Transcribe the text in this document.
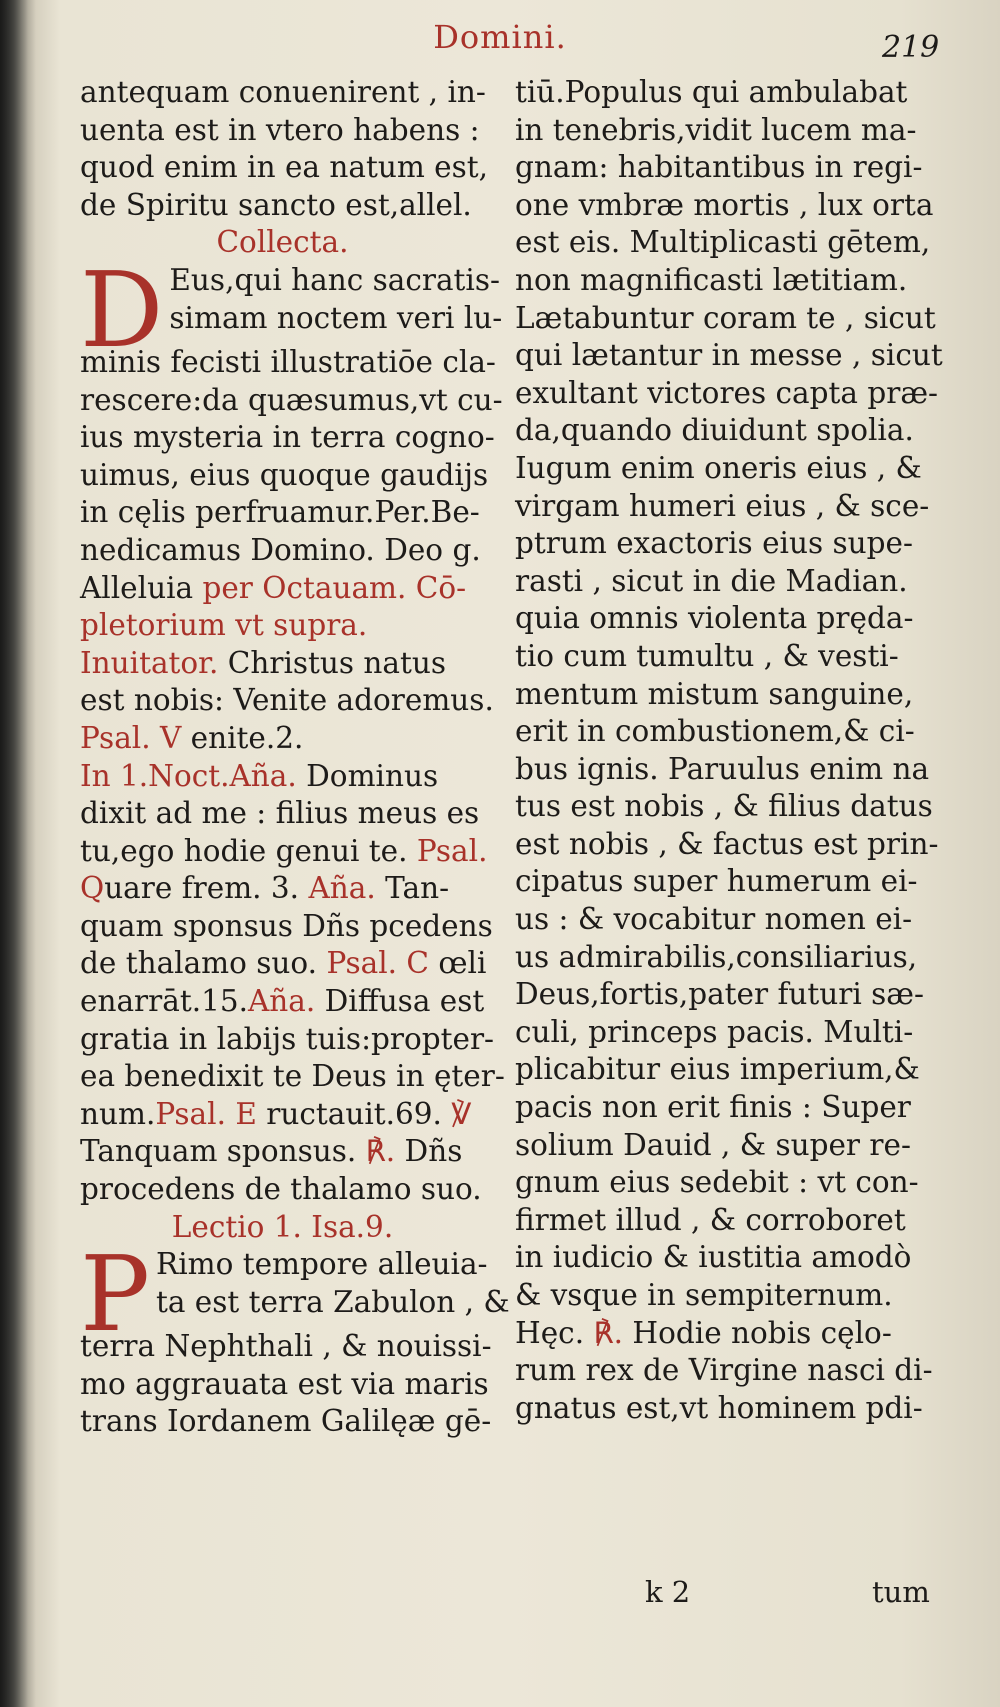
Domini.	219
antequam conuenirent , in-
uenta est in vtero habens :
quod enim in ea natum est,
de Spiritu sancto est,allel.
Collecta.
D Eus,qui hanc sacratis-
simam noctem veri lu-
minis fecisti illustratiōe cla-
rescere:da quæsumus,vt cu-
ius mysteria in terra cogno-
uimus, eius quoque gaudijs
in cęlis perfruamur.Per.Be-
nedicamus Domino. Deo g.
Alleluia per Octauam. Cō-
pletorium vt supra.
Inuitator. Christus natus
est nobis: Venite adoremus.
Psal. V enite.2.
In 1.Noct.Aña. Dominus
dixit ad me : filius meus es
tu,ego hodie genui te. Psal.
Quare frem. 3. Aña. Tan-
quam sponsus Dñs pcedens
de thalamo suo. Psal. C œli
enarrāt.15.Aña. Diffusa est
gratia in labijs tuis:propter-
ea benedixit te Deus in ęter-
num.Psal. E ructauit.69. ℣
Tanquam sponsus. ℟. Dñs
procedens de thalamo suo.
Lectio 1. Isa.9.
P Rimo tempore alleuia-
ta est terra Zabulon , &
terra Nephthali , & nouissi-
mo aggrauata est via maris
trans Iordanem Galilęæ gē-
tiū.Populus qui ambulabat
in tenebris,vidit lucem ma-
gnam: habitantibus in regi-
one vmbræ mortis , lux orta
est eis. Multiplicasti gētem,
non magnificasti lætitiam.
Lætabuntur coram te , sicut
qui lætantur in messe , sicut
exultant victores capta præ-
da,quando diuidunt spolia.
Iugum enim oneris eius , &
virgam humeri eius , & sce-
ptrum exactoris eius supe-
rasti , sicut in die Madian.
quia omnis violenta prędа-
tio cum tumultu , & vesti-
mentum mistum sanguine,
erit in combustionem,& ci-
bus ignis. Paruulus enim na
tus est nobis , & filius datus
est nobis , & factus est prin-
cipatus super humerum ei-
us : & vocabitur nomen ei-
us admirabilis,consiliarius,
Deus,fortis,pater futuri sæ-
culi, princeps pacis. Multi-
plicabitur eius imperium,&
pacis non erit finis : Super
solium Dauid , & super re-
gnum eius sedebit : vt con-
firmet illud , & corroboret
in iudicio & iustitia amodò
& vsque in sempiternum.
Hęc. ℟. Hodie nobis cęlo-
rum rex de Virgine nasci di-
gnatus est,vt hominem pdi-
k 2	tum
